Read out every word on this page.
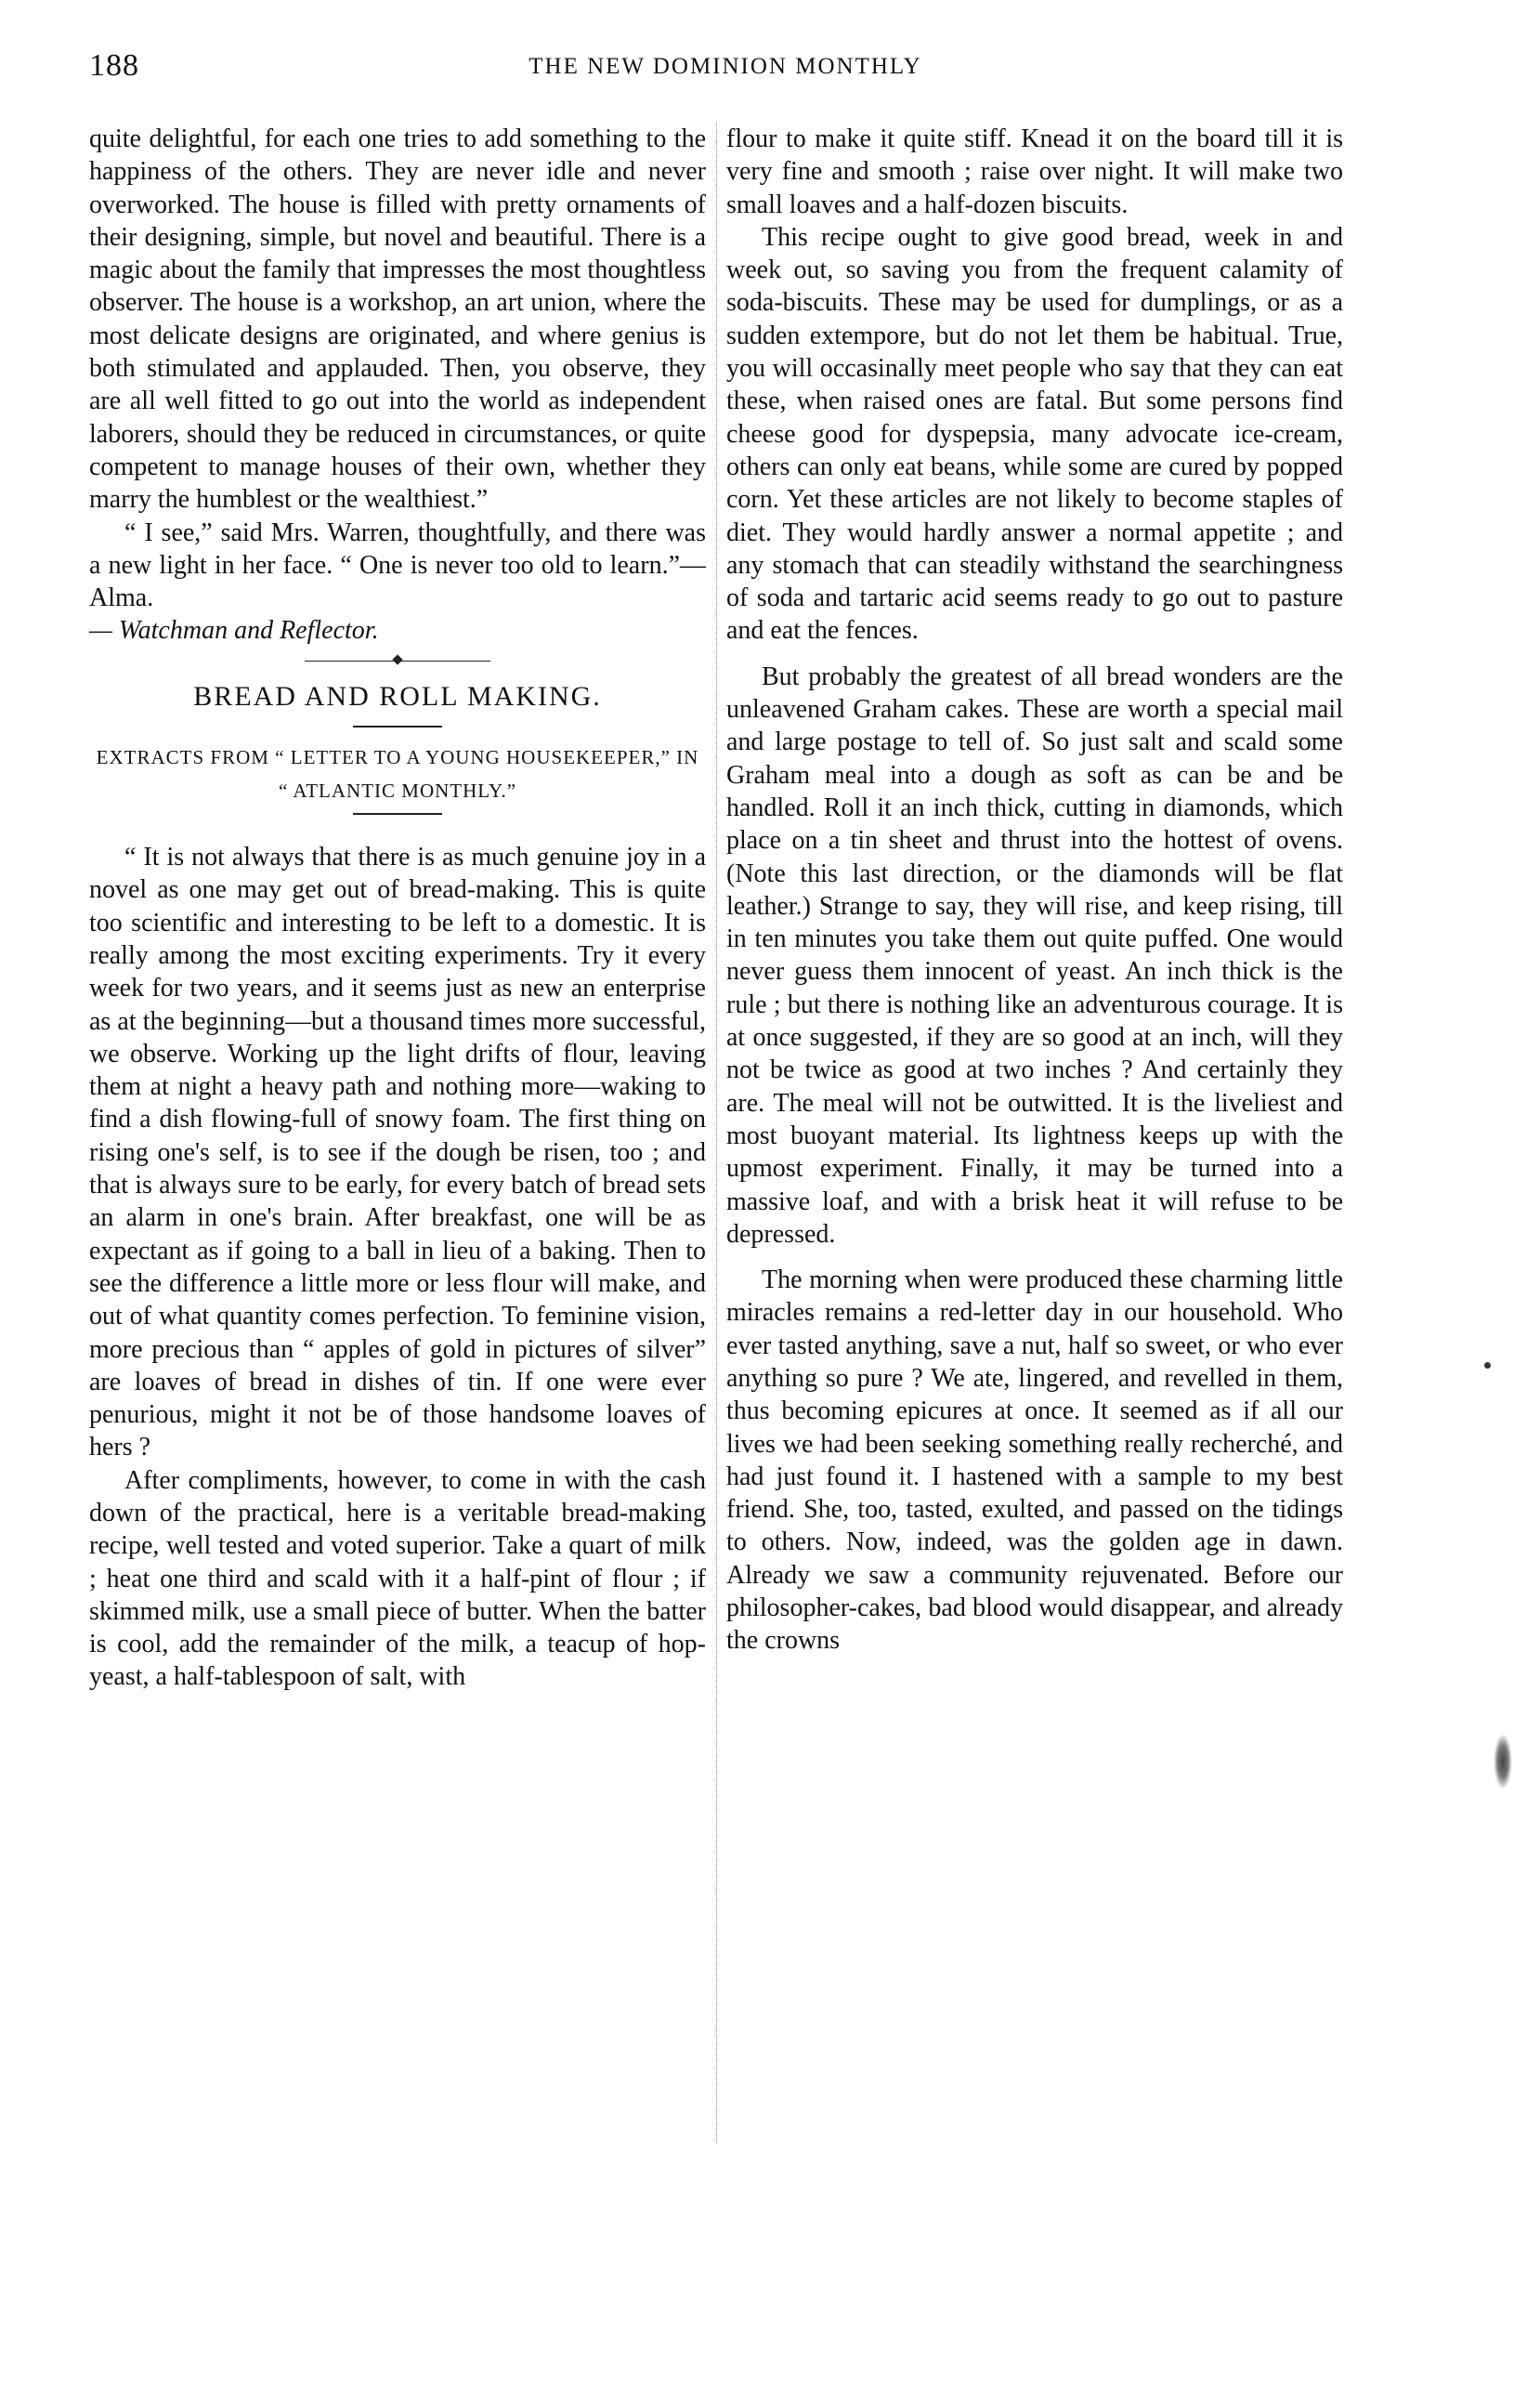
188	THE NEW DOMINION MONTHLY

quite delightful, for each one tries to add something to the happiness of the others. They are never idle and never overworked. The house is filled with pretty ornaments of their designing, simple, but novel and beautiful. There is a magic about the family that impresses the most thoughtless observer. The house is a workshop, an art union, where the most delicate designs are originated, and where genius is both stimulated and applauded. Then, you observe, they are all well fitted to go out into the world as independent laborers, should they be reduced in circumstances, or quite competent to manage houses of their own, whether they marry the humblest or the wealthiest.”

“ I see,” said Mrs. Warren, thoughtfully, and there was a new light in her face. “ One is never too old to learn.”—Alma.

— Watchman and Reflector.

BREAD AND ROLL MAKING.
EXTRACTS FROM “ LETTER TO A YOUNG HOUSEKEEPER,” IN “ ATLANTIC MONTHLY.”

“ It is not always that there is as much genuine joy in a novel as one may get out of bread-making. This is quite too scientific and interesting to be left to a domestic. It is really among the most exciting experiments. Try it every week for two years, and it seems just as new an enterprise as at the beginning—but a thousand times more successful, we observe. Working up the light drifts of flour, leaving them at night a heavy path and nothing more—waking to find a dish flowing-full of snowy foam. The first thing on rising one's self, is to see if the dough be risen, too ; and that is always sure to be early, for every batch of bread sets an alarm in one's brain. After breakfast, one will be as expectant as if going to a ball in lieu of a baking. Then to see the difference a little more or less flour will make, and out of what quantity comes perfection. To feminine vision, more precious than “ apples of gold in pictures of silver” are loaves of bread in dishes of tin. If one were ever penurious, might it not be of those handsome loaves of hers ?

After compliments, however, to come in with the cash down of the practical, here is a veritable bread-making recipe, well tested and voted superior. Take a quart of milk ; heat one third and scald with it a half-pint of flour ; if skimmed milk, use a small piece of butter. When the batter is cool, add the remainder of the milk, a teacup of hop-yeast, a half-tablespoon of salt, with

flour to make it quite stiff. Knead it on the board till it is very fine and smooth ; raise over night. It will make two small loaves and a half-dozen biscuits.

This recipe ought to give good bread, week in and week out, so saving you from the frequent calamity of soda-biscuits. These may be used for dumplings, or as a sudden extempore, but do not let them be habitual. True, you will occasinally meet people who say that they can eat these, when raised ones are fatal. But some persons find cheese good for dyspepsia, many advocate ice-cream, others can only eat beans, while some are cured by popped corn. Yet these articles are not likely to become staples of diet. They would hardly answer a normal appetite ; and any stomach that can steadily withstand the searchingness of soda and tartaric acid seems ready to go out to pasture and eat the fences.

But probably the greatest of all bread wonders are the unleavened Graham cakes. These are worth a special mail and large postage to tell of. So just salt and scald some Graham meal into a dough as soft as can be and be handled. Roll it an inch thick, cutting in diamonds, which place on a tin sheet and thrust into the hottest of ovens. (Note this last direction, or the diamonds will be flat leather.) Strange to say, they will rise, and keep rising, till in ten minutes you take them out quite puffed. One would never guess them innocent of yeast. An inch thick is the rule ; but there is nothing like an adventurous courage. It is at once suggested, if they are so good at an inch, will they not be twice as good at two inches ? And certainly they are. The meal will not be outwitted. It is the liveliest and most buoyant material. Its lightness keeps up with the upmost experiment. Finally, it may be turned into a massive loaf, and with a brisk heat it will refuse to be depressed.

The morning when were produced these charming little miracles remains a red-letter day in our household. Who ever tasted anything, save a nut, half so sweet, or who ever anything so pure ? We ate, lingered, and revelled in them, thus becoming epicures at once. It seemed as if all our lives we had been seeking something really recherché, and had just found it. I hastened with a sample to my best friend. She, too, tasted, exulted, and passed on the tidings to others. Now, indeed, was the golden age in dawn. Already we saw a community rejuvenated. Before our philosopher-cakes, bad blood would disappear, and already the crowns
